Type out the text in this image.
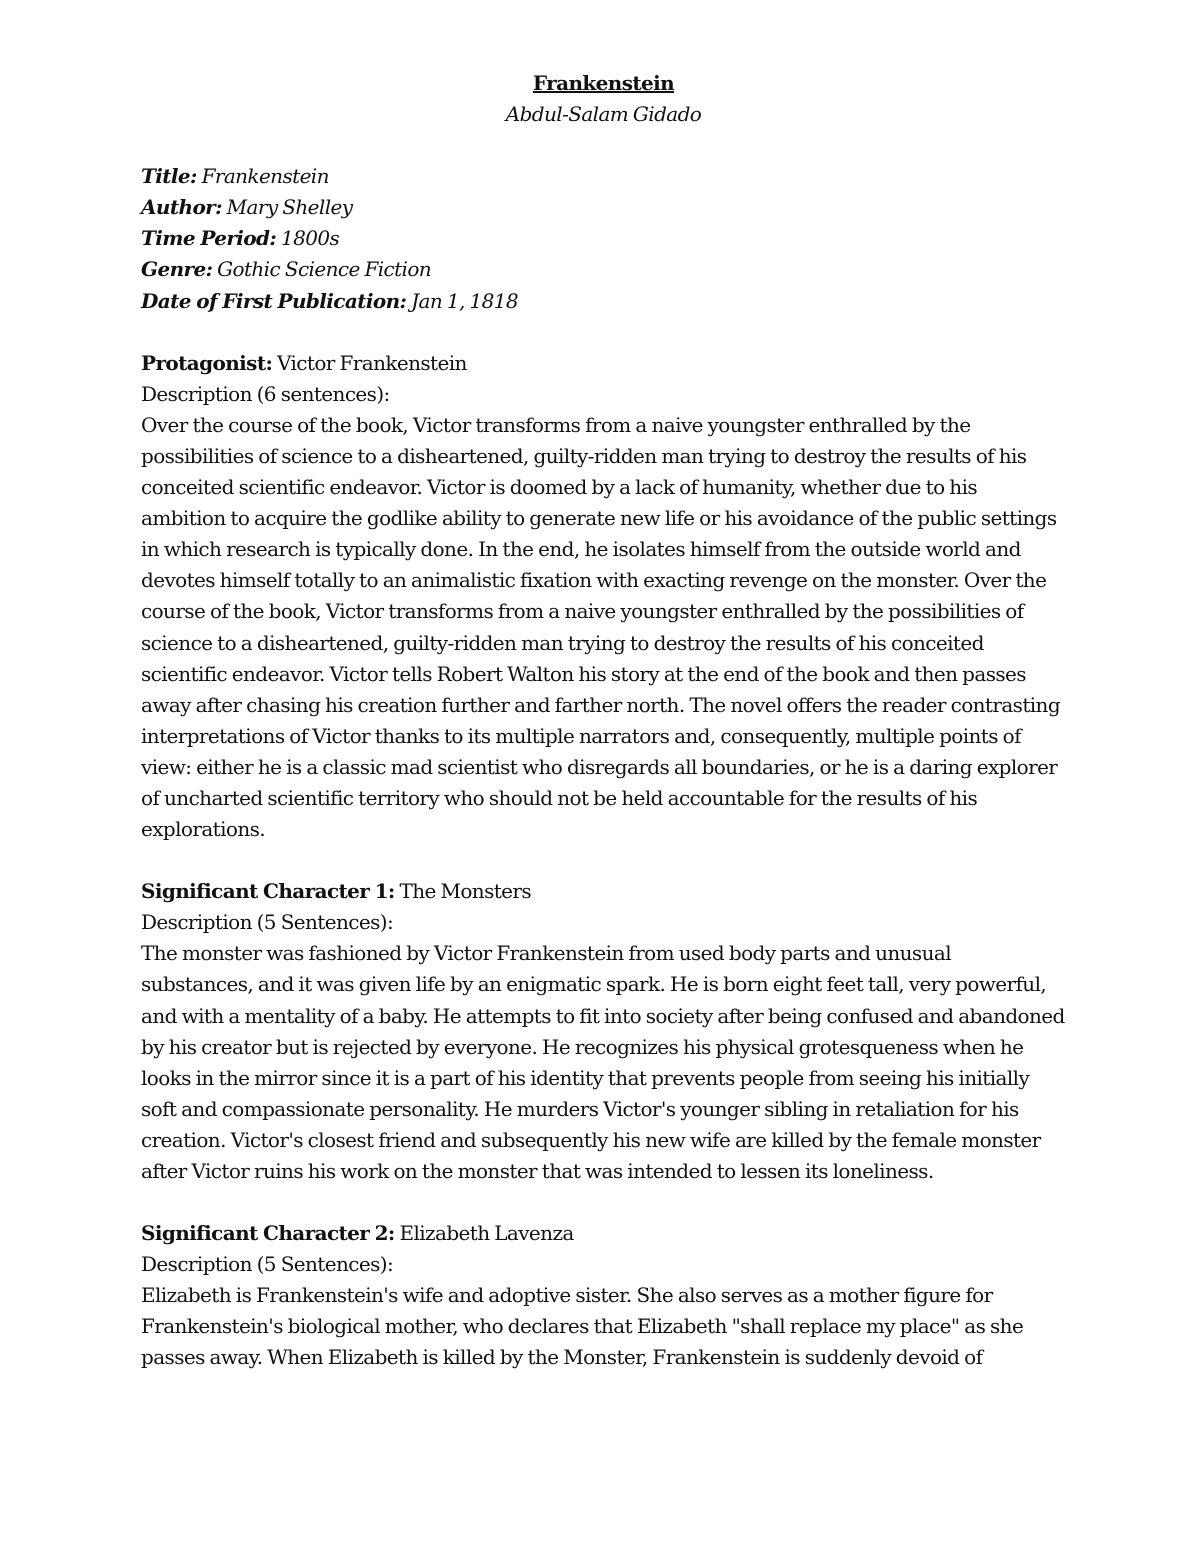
Frankenstein

Abdul-Salam Gidado

Title: Frankenstein

Author: Mary Shelley

Time Period: 1800s

Genre: Gothic Science Fiction

Date of First Publication: Jan 1, 1818

Protagonist: Victor Frankenstein

Description (6 sentences):

Over the course of the book, Victor transforms from a naive youngster enthralled by the possibilities of science to a disheartened, guilty-ridden man trying to destroy the results of his conceited scientific endeavor. Victor is doomed by a lack of humanity, whether due to his ambition to acquire the godlike ability to generate new life or his avoidance of the public settings in which research is typically done. In the end, he isolates himself from the outside world and devotes himself totally to an animalistic fixation with exacting revenge on the monster. Over the course of the book, Victor transforms from a naive youngster enthralled by the possibilities of science to a disheartened, guilty-ridden man trying to destroy the results of his conceited scientific endeavor. Victor tells Robert Walton his story at the end of the book and then passes away after chasing his creation further and farther north. The novel offers the reader contrasting interpretations of Victor thanks to its multiple narrators and, consequently, multiple points of view: either he is a classic mad scientist who disregards all boundaries, or he is a daring explorer of uncharted scientific territory who should not be held accountable for the results of his explorations.

Significant Character 1: The Monsters

Description (5 Sentences):

The monster was fashioned by Victor Frankenstein from used body parts and unusual substances, and it was given life by an enigmatic spark. He is born eight feet tall, very powerful, and with a mentality of a baby. He attempts to fit into society after being confused and abandoned by his creator but is rejected by everyone. He recognizes his physical grotesqueness when he looks in the mirror since it is a part of his identity that prevents people from seeing his initially soft and compassionate personality. He murders Victor's younger sibling in retaliation for his creation. Victor's closest friend and subsequently his new wife are killed by the female monster after Victor ruins his work on the monster that was intended to lessen its loneliness.

Significant Character 2: Elizabeth Lavenza

Description (5 Sentences):

Elizabeth is Frankenstein's wife and adoptive sister. She also serves as a mother figure for Frankenstein's biological mother, who declares that Elizabeth "shall replace my place" as she passes away. When Elizabeth is killed by the Monster, Frankenstein is suddenly devoid of
